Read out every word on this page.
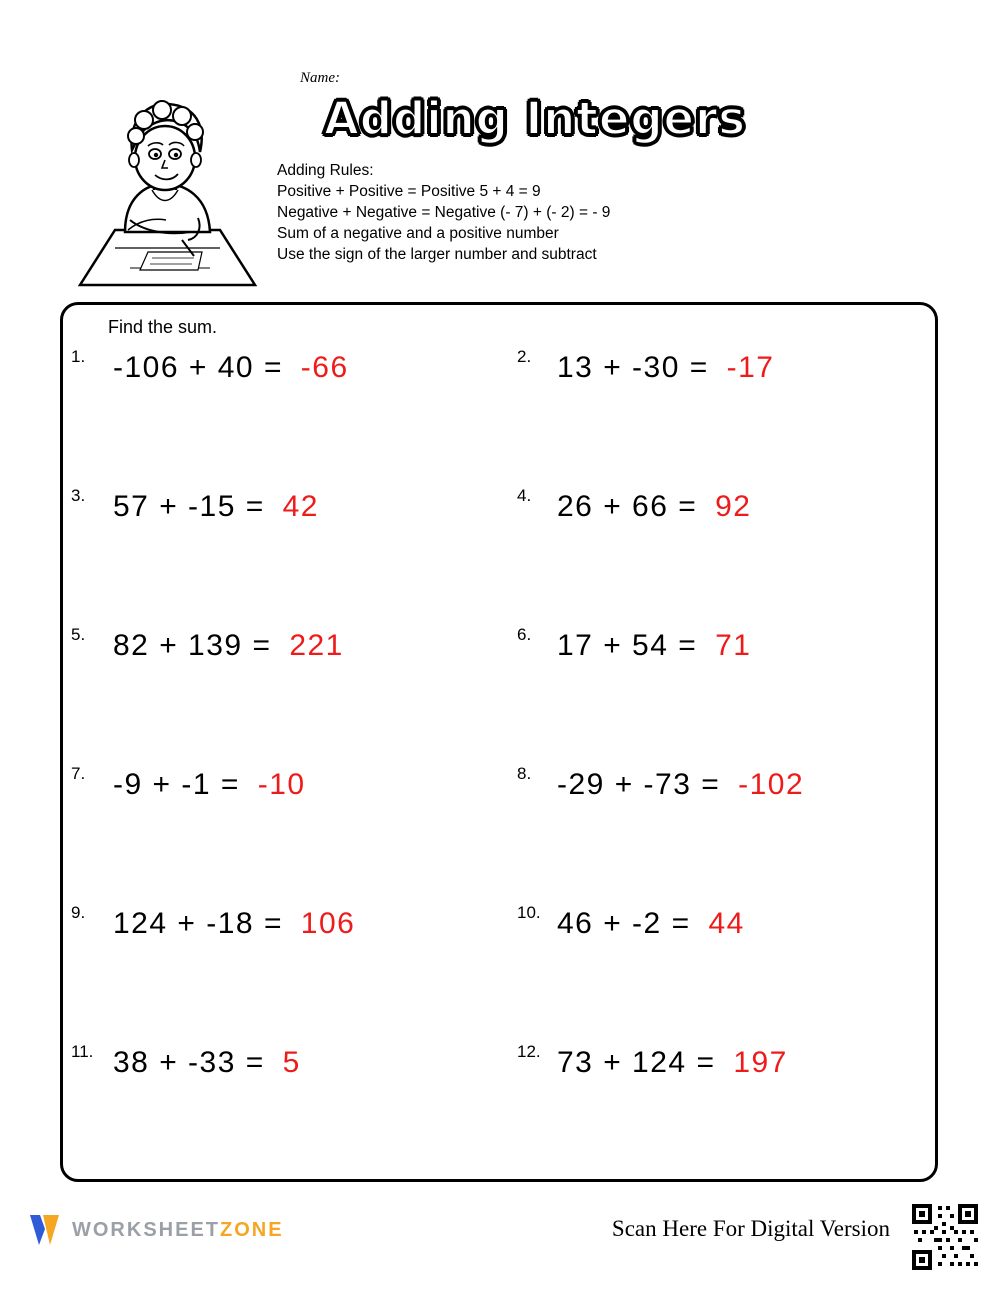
Name:
Adding Integers
Adding Rules:
Positive + Positive = Positive 5 + 4 = 9
Negative + Negative = Negative (- 7) + (- 2) = - 9
Sum of a negative and a positive number
Use the sign of the larger number and subtract
Find the sum.
1. -106 + 40 = -66	2. 13 + -30 = -17
3. 57 + -15 = 42	4. 26 + 66 = 92
5. 82 + 139 = 221	6. 17 + 54 = 71
7. -9 + -1 = -10	8. -29 + -73 = -102
9. 124 + -18 = 106	10. 46 + -2 = 44
11. 38 + -33 = 5	12. 73 + 124 = 197
WORKSHEETZONE	Scan Here For Digital Version
